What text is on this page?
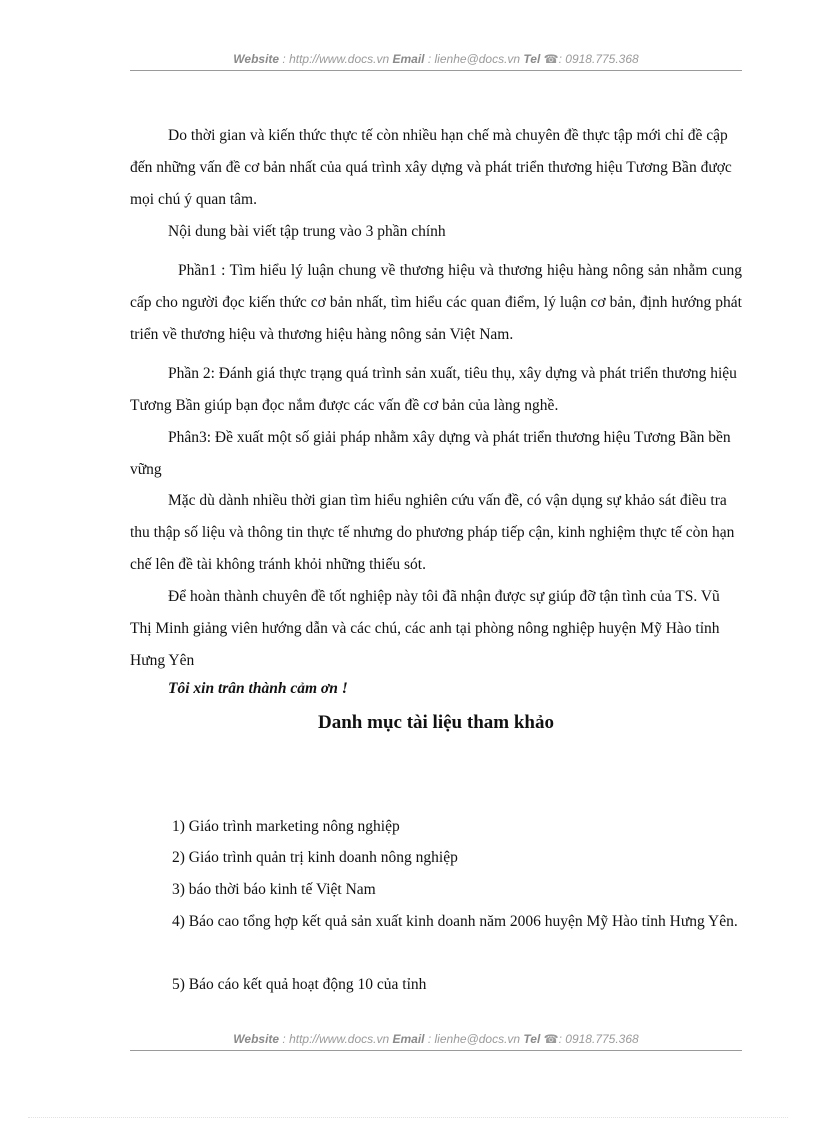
Website : http://www.docs.vn Email : lienhe@docs.vn Tel ☎: 0918.775.368

Do thời gian và kiến thức thực tế còn nhiều hạn chế mà chuyên đề thực tập mới chỉ đề cập đến những vấn đề cơ bản nhất của quá trình xây dựng và phát triển thương hiệu Tương Bần được mọi chú ý quan tâm.

Nội dung bài viết tập trung vào 3 phần chính

Phần1 : Tìm hiểu lý luận chung về thương hiệu và thương hiệu hàng nông sản nhằm cung cấp cho người đọc kiến thức cơ bản nhất, tìm hiểu các quan điểm, lý luận cơ bản, định hướng phát triển về thương hiệu và thương hiệu hàng nông sản Việt Nam.

Phần 2: Đánh giá thực trạng quá trình sản xuất, tiêu thụ, xây dựng và phát triển thương hiệu Tương Bần giúp bạn đọc nắm được các vấn đề cơ bản của làng nghề.

Phân3: Đề xuất một số giải pháp nhằm xây dựng và phát triển thương hiệu Tương Bần bền vững

Mặc dù dành nhiều thời gian tìm hiểu nghiên cứu vấn đề, có vận dụng sự khảo sát điều tra thu thập số liệu và thông tin thực tế nhưng do phương pháp tiếp cận, kinh nghiệm thực tế còn hạn chế lên đề tài không tránh khỏi những thiếu sót.

Để hoàn thành chuyên đề tốt nghiệp này tôi đã nhận được sự giúp đỡ tận tình của TS. Vũ Thị Minh giảng viên hướng dẫn và các chú, các anh tại phòng nông nghiệp huyện Mỹ Hào tỉnh Hưng Yên

Tôi xin trân thành cảm ơn !
Danh mục tài liệu tham khảo
1) Giáo trình marketing nông nghiệp
2) Giáo trình quản trị kinh doanh nông nghiệp
3) báo thời báo kinh tế Việt Nam
4) Báo cao tổng hợp kết quả sản xuất kinh doanh năm 2006 huyện Mỹ Hào tỉnh Hưng Yên.
5) Báo cáo kết quả hoạt động 10 của tỉnh
Website : http://www.docs.vn Email : lienhe@docs.vn Tel ☎: 0918.775.368
